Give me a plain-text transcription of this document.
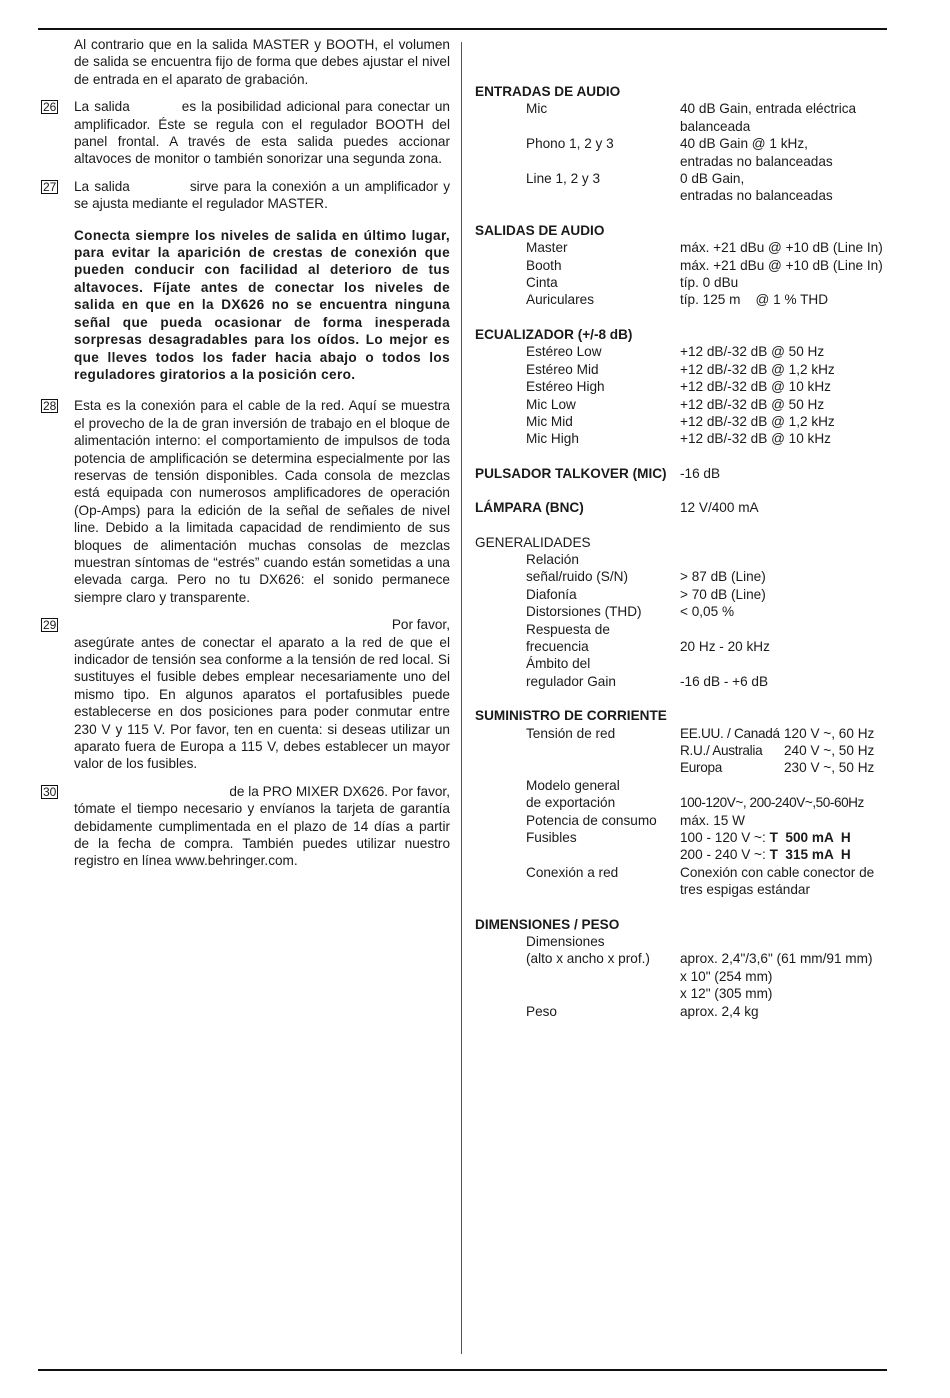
Al contrario que en la salida MASTER y BOOTH, el volumen de salida se encuentra fijo de forma que debes ajustar el nivel de entrada en el aparato de grabación.
26 La salida	es la posibilidad adicional para conectar un amplificador. Éste se regula con el regulador BOOTH del panel frontal. A través de esta salida puedes accionar altavoces de monitor o también sonorizar una segunda zona.
27 La salida	sirve para la conexión a un amplificador y se ajusta mediante el regulador MASTER.
Conecta siempre los niveles de salida en último lugar, para evitar la aparición de crestas de conexión que pueden conducir con facilidad al deterioro de tus altavoces. Fíjate antes de conectar los niveles de salida en que en la DX626 no se encuentra ninguna señal que pueda ocasionar de forma inesperada sorpresas desagradables para los oídos. Lo mejor es que lleves todos los fader hacia abajo o todos los reguladores giratorios a la posición cero.
28 Esta es la conexión para el cable de la red. Aquí se muestra el provecho de la de gran inversión de trabajo en el bloque de alimentación interno: el comportamiento de impulsos de toda potencia de amplificación se determina especialmente por las reservas de tensión disponibles. Cada consola de mezclas está equipada con numerosos amplificadores de operación (Op-Amps) para la edición de la señal de señales de nivel line. Debido a la limitada capacidad de rendimiento de sus bloques de alimentación muchas consolas de mezclas muestran síntomas de “estrés” cuando están sometidas a una elevada carga. Pero no tu DX626: el sonido permanece siempre claro y transparente.
29	Por favor,
asegúrate antes de conectar el aparato a la red de que el indicador de tensión sea conforme a la tensión de red local. Si sustituyes el fusible debes emplear necesariamente uno del mismo tipo. En algunos aparatos el portafusibles puede establecerse en dos posiciones para poder conmutar entre 230 V y 115 V. Por favor, ten en cuenta: si deseas utilizar un aparato fuera de Europa a 115 V, debes establecer un mayor valor de los fusibles.
30	de la PRO MIXER DX626. Por favor,
tómate el tiempo necesario y envíanos la tarjeta de garantía debidamente cumplimentada en el plazo de 14 días a partir de la fecha de compra. También puedes utilizar nuestro registro en línea www.behringer.com.
ENTRADAS DE AUDIO
Mic	40 dB Gain, entrada eléctrica
balanceada
Phono 1, 2 y 3	40 dB Gain @ 1 kHz,
entradas no balanceadas
Line 1, 2 y 3	0 dB Gain,
entradas no balanceadas
SALIDAS DE AUDIO
Master	máx. +21 dBu @ +10 dB (Line In)
Booth	máx. +21 dBu @ +10 dB (Line In)
Cinta	típ. 0 dBu
Auriculares	típ. 125 m    @ 1 % THD
ECUALIZADOR (+/-8 dB)
Estéreo Low	+12 dB/-32 dB @ 50 Hz
Estéreo Mid	+12 dB/-32 dB @ 1,2 kHz
Estéreo High	+12 dB/-32 dB @ 10 kHz
Mic Low	+12 dB/-32 dB @ 50 Hz
Mic Mid	+12 dB/-32 dB @ 1,2 kHz
Mic High	+12 dB/-32 dB @ 10 kHz
PULSADOR TALKOVER (MIC) -16 dB
LÁMPARA (BNC)	12 V/400 mA
GENERALIDADES
Relación
señal/ruido (S/N)	> 87 dB (Line)
Diafonía	> 70 dB (Line)
Distorsiones (THD)	< 0,05 %
Respuesta de
frecuencia	20 Hz - 20 kHz
Ámbito del
regulador Gain	-16 dB - +6 dB
SUMINISTRO DE CORRIENTE
Tensión de red	EE.UU. / Canadá 120 V ~, 60 Hz
R.U./ Australia 240 V ~, 50 Hz
Europa	230 V ~, 50 Hz
Modelo general
de exportación	100-120V~, 200-240V~,50-60Hz
Potencia de consumo	máx. 15 W
Fusibles	100 - 120 V ~: T  500 mA  H
200 - 240 V ~: T  315 mA  H
Conexión a red	Conexión con cable conector de
tres espigas estándar
DIMENSIONES / PESO
Dimensiones
(alto x ancho x prof.)	aprox. 2,4"/3,6" (61 mm/91 mm)
x 10" (254 mm)
x 12" (305 mm)
Peso	aprox. 2,4 kg
